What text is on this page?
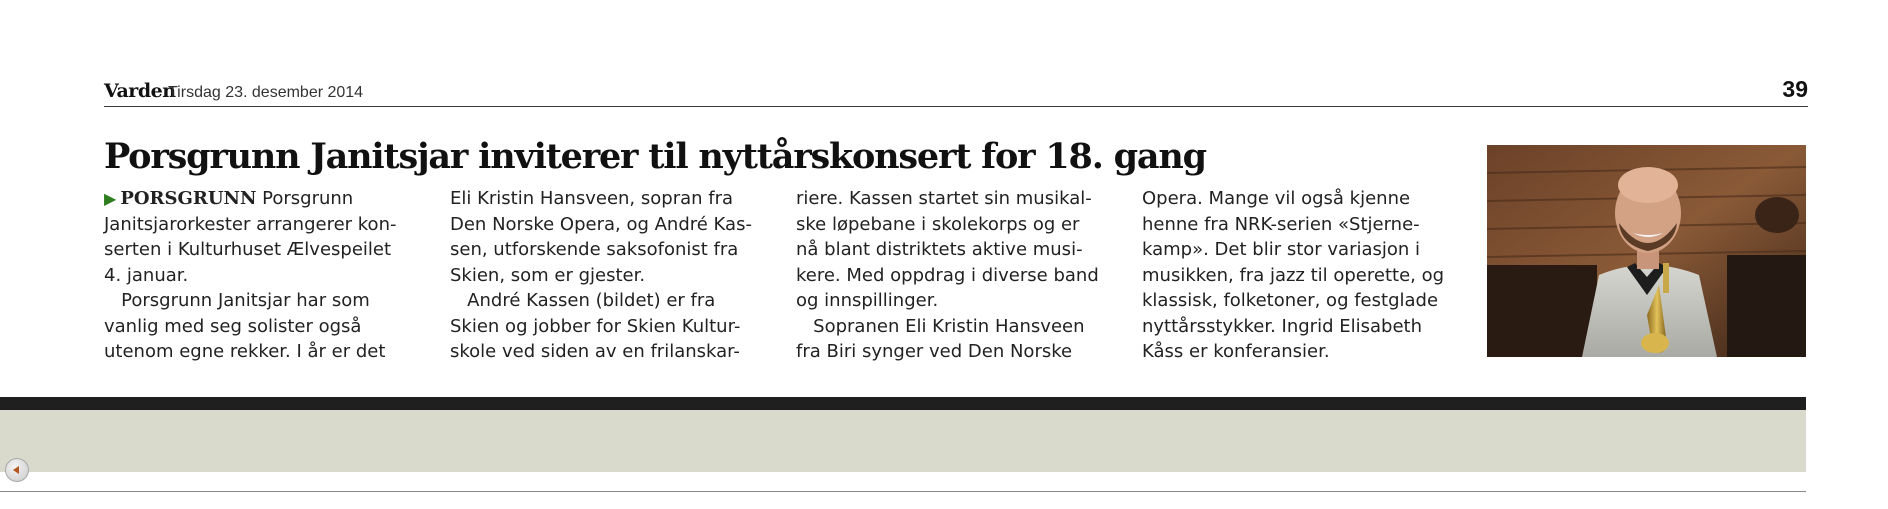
Varden
Tirsdag 23. desember 2014	39
Porsgrunn Janitsjar inviterer til nyttårskonsert for 18. gang
▶ PORSGRUNN Porsgrunn
Janitsjarorkester arrangerer kon-
serten i Kulturhuset Ælvespeilet
4. januar.
Porsgrunn Janitsjar har som
vanlig med seg solister også
utenom egne rekker. I år er det
Eli Kristin Hansveen, sopran fra
Den Norske Opera, og André Kas-
sen, utforskende saksofonist fra
Skien, som er gjester.
André Kassen (bildet) er fra
Skien og jobber for Skien Kultur-
skole ved siden av en frilanskar-
riere. Kassen startet sin musikal-
ske løpebane i skolekorps og er
nå blant distriktets aktive musi-
kere. Med oppdrag i diverse band
og innspillinger.
Sopranen Eli Kristin Hansveen
fra Biri synger ved Den Norske
Opera. Mange vil også kjenne
henne fra NRK-serien «Stjerne-
kamp». Det blir stor variasjon i
musikken, fra jazz til operette, og
klassisk, folketoner, og festglade
nyttårsstykker. Ingrid Elisabeth
Kåss er konferansier.
